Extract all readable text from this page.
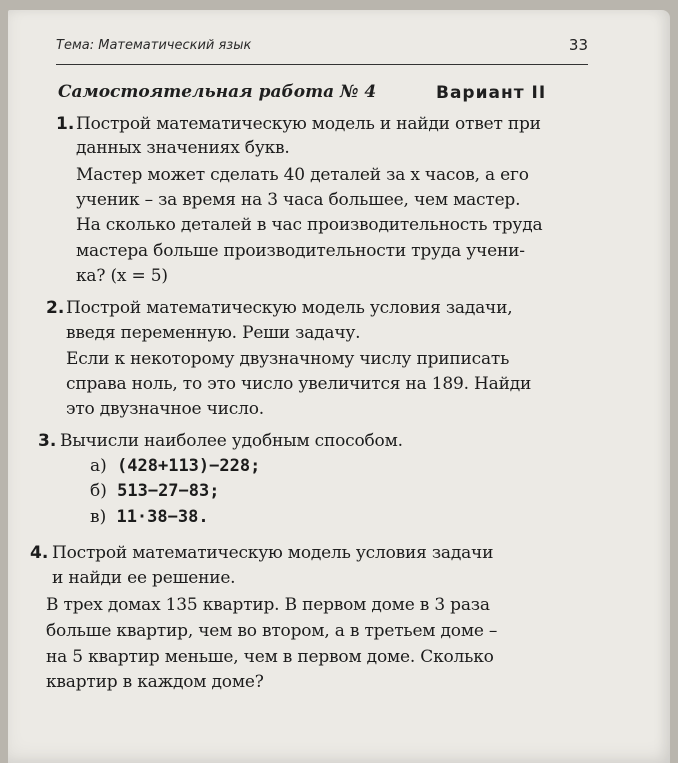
Тема: Математический язык	33
Самостоятельная работа № 4	Вариант II
1. Построй математическую модель и найди ответ при
данных значениях букв.
Мастер может сделать 40 деталей за x часов, а его
ученик – за время на 3 часа большее, чем мастер.
На сколько деталей в час производительность труда
мастера больше производительности труда учени-
ка? (x = 5)
2. Построй математическую модель условия задачи,
введя переменную. Реши задачу.
Если к некоторому двузначному числу приписать
справа ноль, то это число увеличится на 189. Найди
это двузначное число.
3. Вычисли наиболее удобным способом.
а) (428+113)−228;
б) 513−27−83;
в) 11·38−38.
4. Построй математическую модель условия задачи
и найди ее решение.
В трех домах 135 квартир. В первом доме в 3 раза
больше квартир, чем во втором, а в третьем доме –
на 5 квартир меньше, чем в первом доме. Сколько
квартир в каждом доме?
